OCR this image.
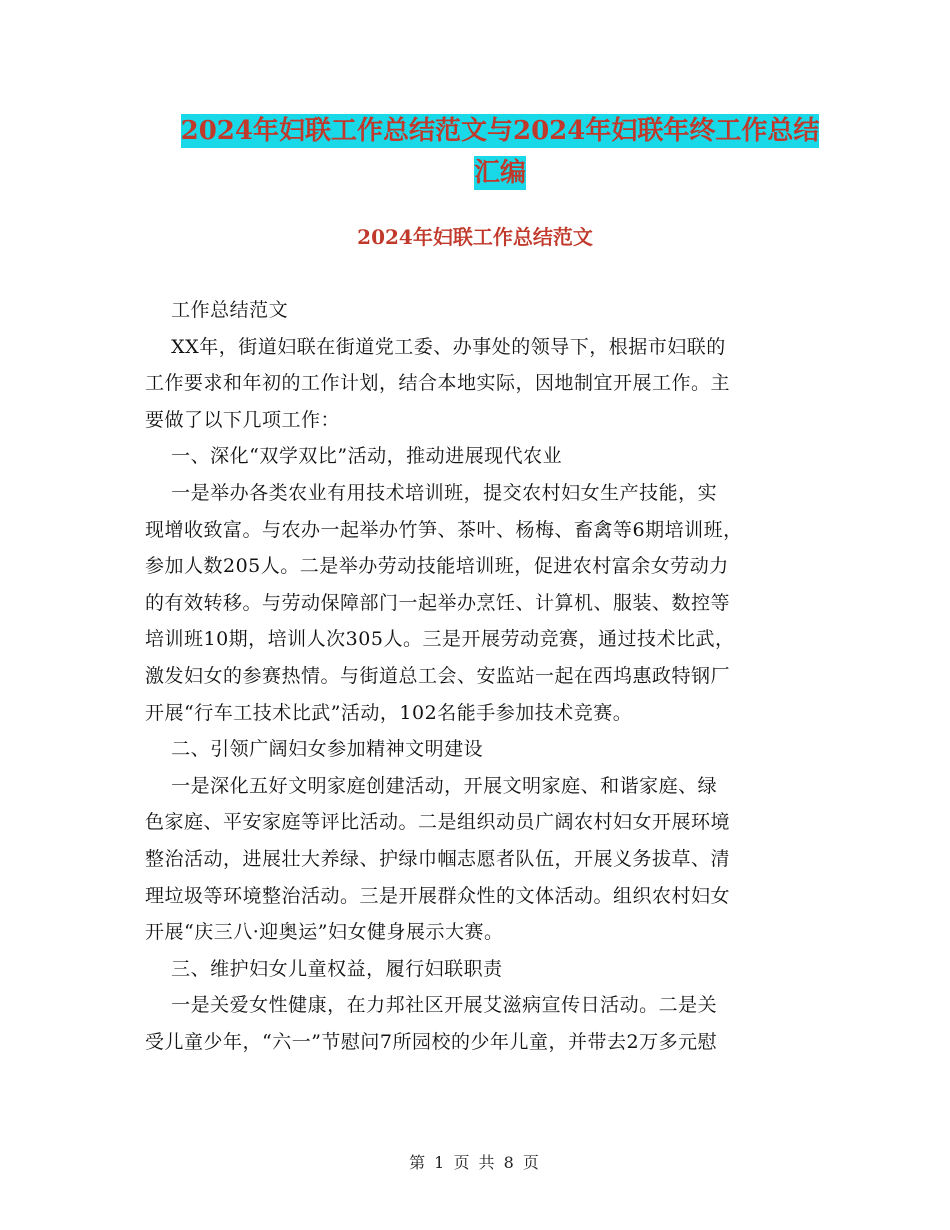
2024年妇联工作总结范文与2024年妇联年终工作总结
汇编
2024年妇联工作总结范文
工作总结范文
XX年，街道妇联在街道党工委、办事处的领导下，根据市妇联的
工作要求和年初的工作计划，结合本地实际，因地制宜开展工作。主
要做了以下几项工作：
一、深化“双学双比”活动，推动进展现代农业
一是举办各类农业有用技术培训班，提交农村妇女生产技能，实
现增收致富。与农办一起举办竹笋、茶叶、杨梅、畜禽等6期培训班，
参加人数205人。二是举办劳动技能培训班，促进农村富余女劳动力
的有效转移。与劳动保障部门一起举办烹饪、计算机、服装、数控等
培训班10期，培训人次305人。三是开展劳动竞赛，通过技术比武，
激发妇女的参赛热情。与街道总工会、安监站一起在西坞惠政特钢厂
开展“行车工技术比武”活动，102名能手参加技术竞赛。
二、引领广阔妇女参加精神文明建设
一是深化五好文明家庭创建活动，开展文明家庭、和谐家庭、绿
色家庭、平安家庭等评比活动。二是组织动员广阔农村妇女开展环境
整治活动，进展壮大养绿、护绿巾帼志愿者队伍，开展义务拔草、清
理垃圾等环境整治活动。三是开展群众性的文体活动。组织农村妇女
开展“庆三八·迎奥运”妇女健身展示大赛。
三、维护妇女儿童权益，履行妇联职责
一是关爱女性健康，在力邦社区开展艾滋病宣传日活动。二是关
受儿童少年，“六一”节慰问7所园校的少年儿童，并带去2万多元慰
第 1 页 共 8 页
